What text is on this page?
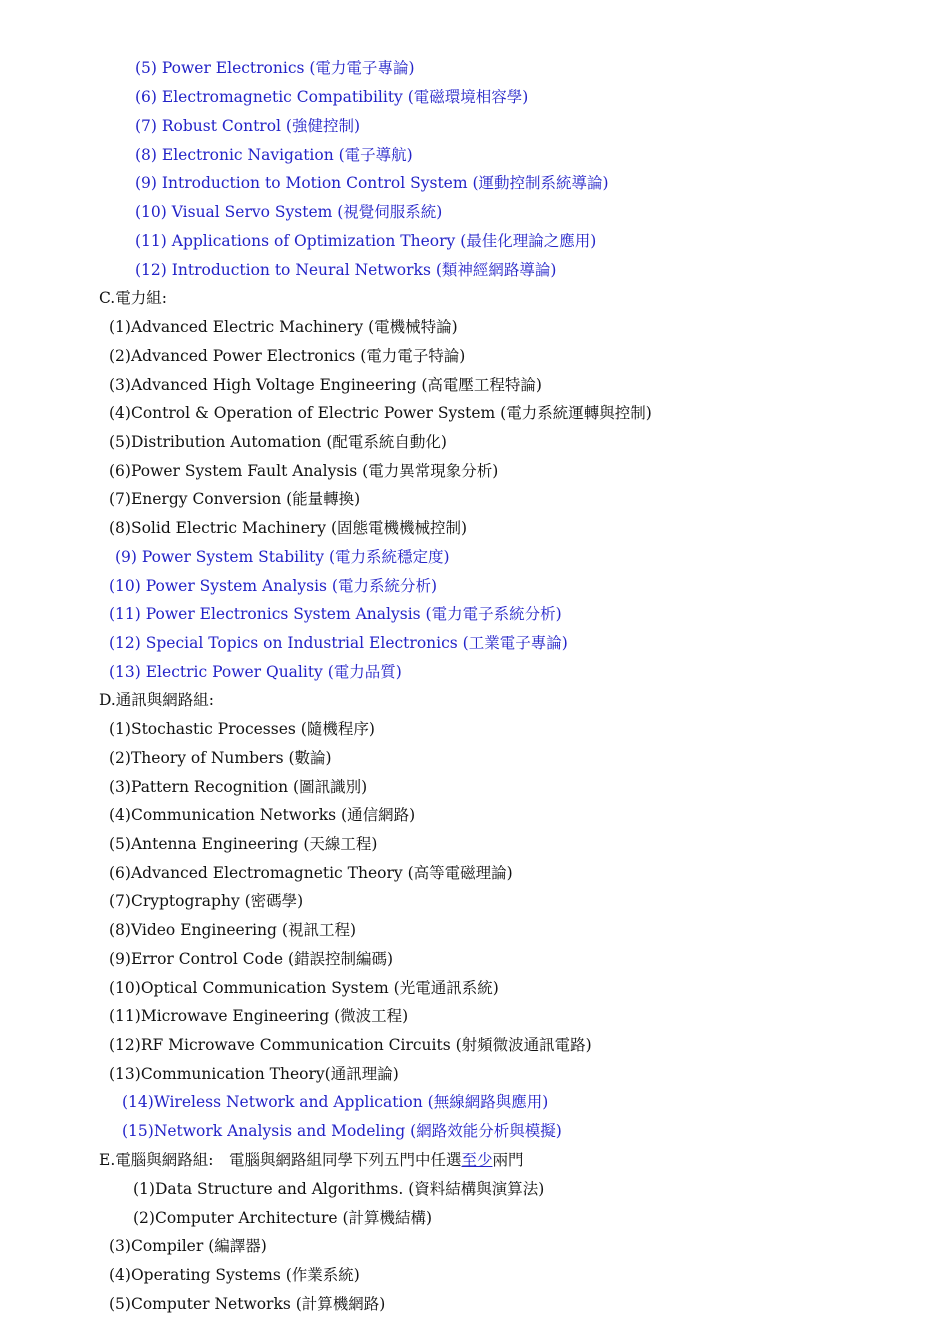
(5) Power Electronics (電力電子專論)
(6) Electromagnetic Compatibility (電磁環境相容學)
(7) Robust Control (強健控制)
(8) Electronic Navigation (電子導航)
(9) Introduction to Motion Control System (運動控制系統導論)
(10) Visual Servo System (視覺伺服系統)
(11) Applications of Optimization Theory (最佳化理論之應用)
(12) Introduction to Neural Networks (類神經網路導論)
C.電力組:
(1)Advanced Electric Machinery (電機械特論)
(2)Advanced Power Electronics (電力電子特論)
(3)Advanced High Voltage Engineering (高電壓工程特論)
(4)Control & Operation of Electric Power System (電力系統運轉與控制)
(5)Distribution Automation (配電系統自動化)
(6)Power System Fault Analysis (電力異常現象分析)
(7)Energy Conversion (能量轉換)
(8)Solid Electric Machinery (固態電機機械控制)
(9) Power System Stability (電力系統穩定度)
(10) Power System Analysis (電力系統分析)
(11) Power Electronics System Analysis (電力電子系統分析)
(12) Special Topics on Industrial Electronics (工業電子專論)
(13) Electric Power Quality (電力品質)
D.通訊與網路組:
(1)Stochastic Processes (隨機程序)
(2)Theory of Numbers (數論)
(3)Pattern Recognition (圖訊識別)
(4)Communication Networks (通信網路)
(5)Antenna Engineering (天線工程)
(6)Advanced Electromagnetic Theory (高等電磁理論)
(7)Cryptography (密碼學)
(8)Video Engineering (視訊工程)
(9)Error Control Code (錯誤控制編碼)
(10)Optical Communication System (光電通訊系統)
(11)Microwave Engineering (微波工程)
(12)RF Microwave Communication Circuits (射頻微波通訊電路)
(13)Communication Theory(通訊理論)
(14)Wireless Network and Application (無線網路與應用)
(15)Network Analysis and Modeling (網路效能分析與模擬)
E.電腦與網路組:　電腦與網路組同學下列五門中任選至少兩門
(1)Data Structure and Algorithms. (資料結構與演算法)
(2)Computer Architecture (計算機結構)
(3)Compiler (編譯器)
(4)Operating Systems (作業系統)
(5)Computer Networks (計算機網路)
